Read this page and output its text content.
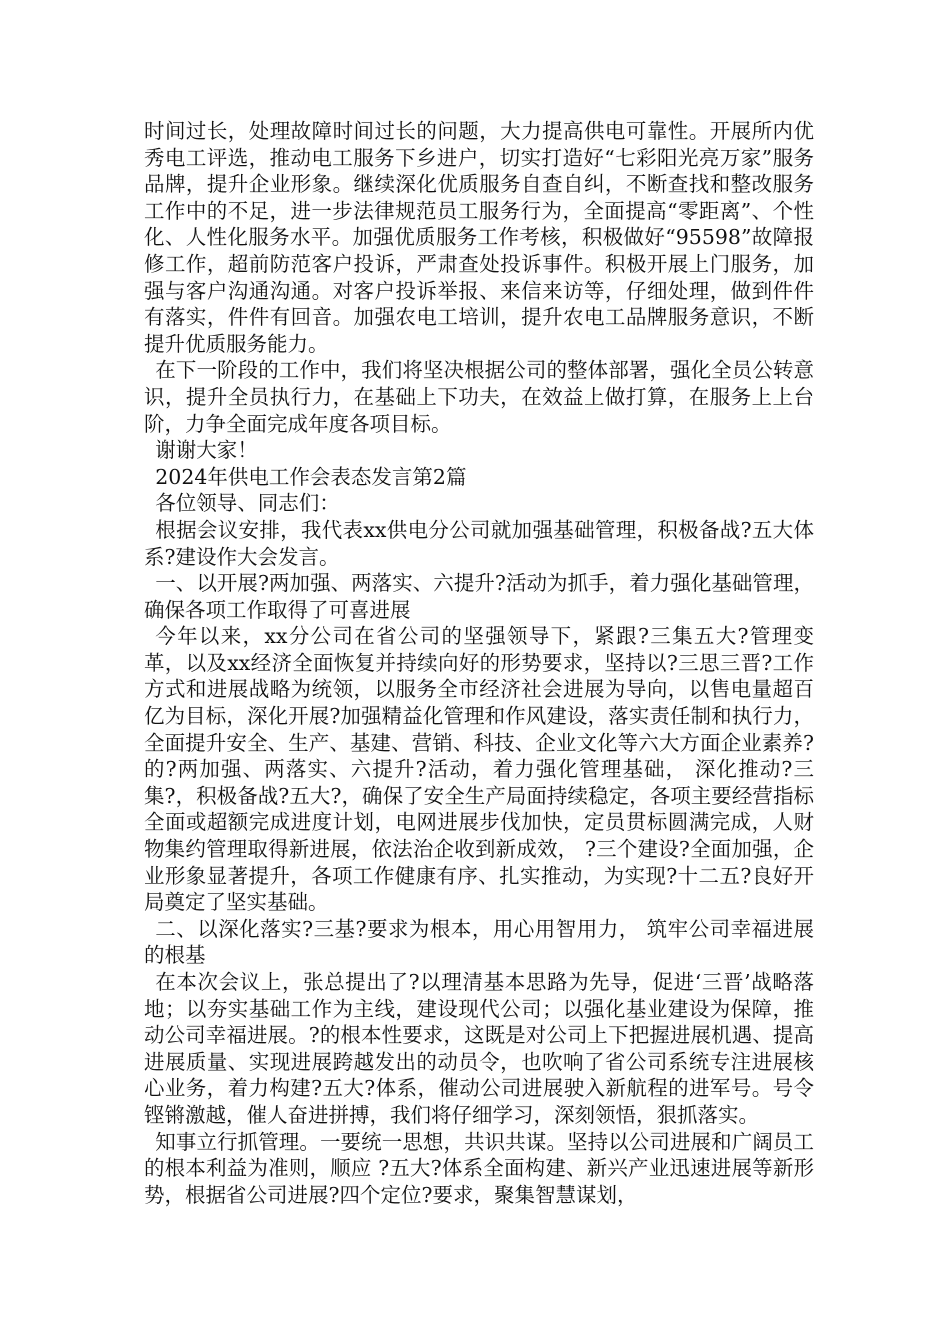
时间过长，处理故障时间过长的问题，大力提高供电可靠性。开展所内优秀电工评选，推动电工服务下乡进户，切实打造好“七彩阳光亮万家”服务品牌，提升企业形象。继续深化优质服务自查自纠，不断查找和整改服务工作中的不足，进一步法律规范员工服务行为，全面提高“零距离”、个性化、人性化服务水平。加强优质服务工作考核，积极做好“95598”故障报修工作，超前防范客户投诉，严肃查处投诉事件。积极开展上门服务，加强与客户沟通沟通。对客户投诉举报、来信来访等，仔细处理，做到件件有落实，件件有回音。加强农电工培训，提升农电工品牌服务意识，不断提升优质服务能力。

在下一阶段的工作中，我们将坚决根据公司的整体部署，强化全员公转意识，提升全员执行力，在基础上下功夫，在效益上做打算，在服务上上台阶，力争全面完成年度各项目标。

谢谢大家！

2024年供电工作会表态发言第2篇

各位领导、同志们：

根据会议安排，我代表xx供电分公司就加强基础管理，积极备战?五大体系?建设作大会发言。

一、以开展?两加强、两落实、六提升?活动为抓手，着力强化基础管理，确保各项工作取得了可喜进展

今年以来，xx分公司在省公司的坚强领导下，紧跟?三集五大?管理变革，以及xx经济全面恢复并持续向好的形势要求，坚持以?三思三晋?工作方式和进展战略为统领，以服务全市经济社会进展为导向，以售电量超百亿为目标，深化开展?加强精益化管理和作风建设，落实责任制和执行力，全面提升安全、生产、基建、营销、科技、企业文化等六大方面企业素养?的?两加强、两落实、六提升?活动，着力强化管理基础， 深化推动?三集?，积极备战?五大?，确保了安全生产局面持续稳定，各项主要经营指标全面或超额完成进度计划，电网进展步伐加快，定员贯标圆满完成，人财物集约管理取得新进展，依法治企收到新成效， ?三个建设?全面加强，企业形象显著提升，各项工作健康有序、扎实推动，为实现?十二五?良好开局奠定了坚实基础。

二、以深化落实?三基?要求为根本，用心用智用力， 筑牢公司幸福进展的根基

在本次会议上，张总提出了?以理清基本思路为先导，促进‘三晋’战略落地；以夯实基础工作为主线，建设现代公司；以强化基业建设为保障，推动公司幸福进展。?的根本性要求，这既是对公司上下把握进展机遇、提高进展质量、实现进展跨越发出的动员令，也吹响了省公司系统专注进展核心业务，着力构建?五大?体系，催动公司进展驶入新航程的进军号。号令铿锵激越，催人奋进拼搏，我们将仔细学习，深刻领悟，狠抓落实。

知事立行抓管理。一要统一思想，共识共谋。坚持以公司进展和广阔员工的根本利益为准则，顺应 ?五大?体系全面构建、新兴产业迅速进展等新形势，根据省公司进展?四个定位?要求，聚集智慧谋划，
